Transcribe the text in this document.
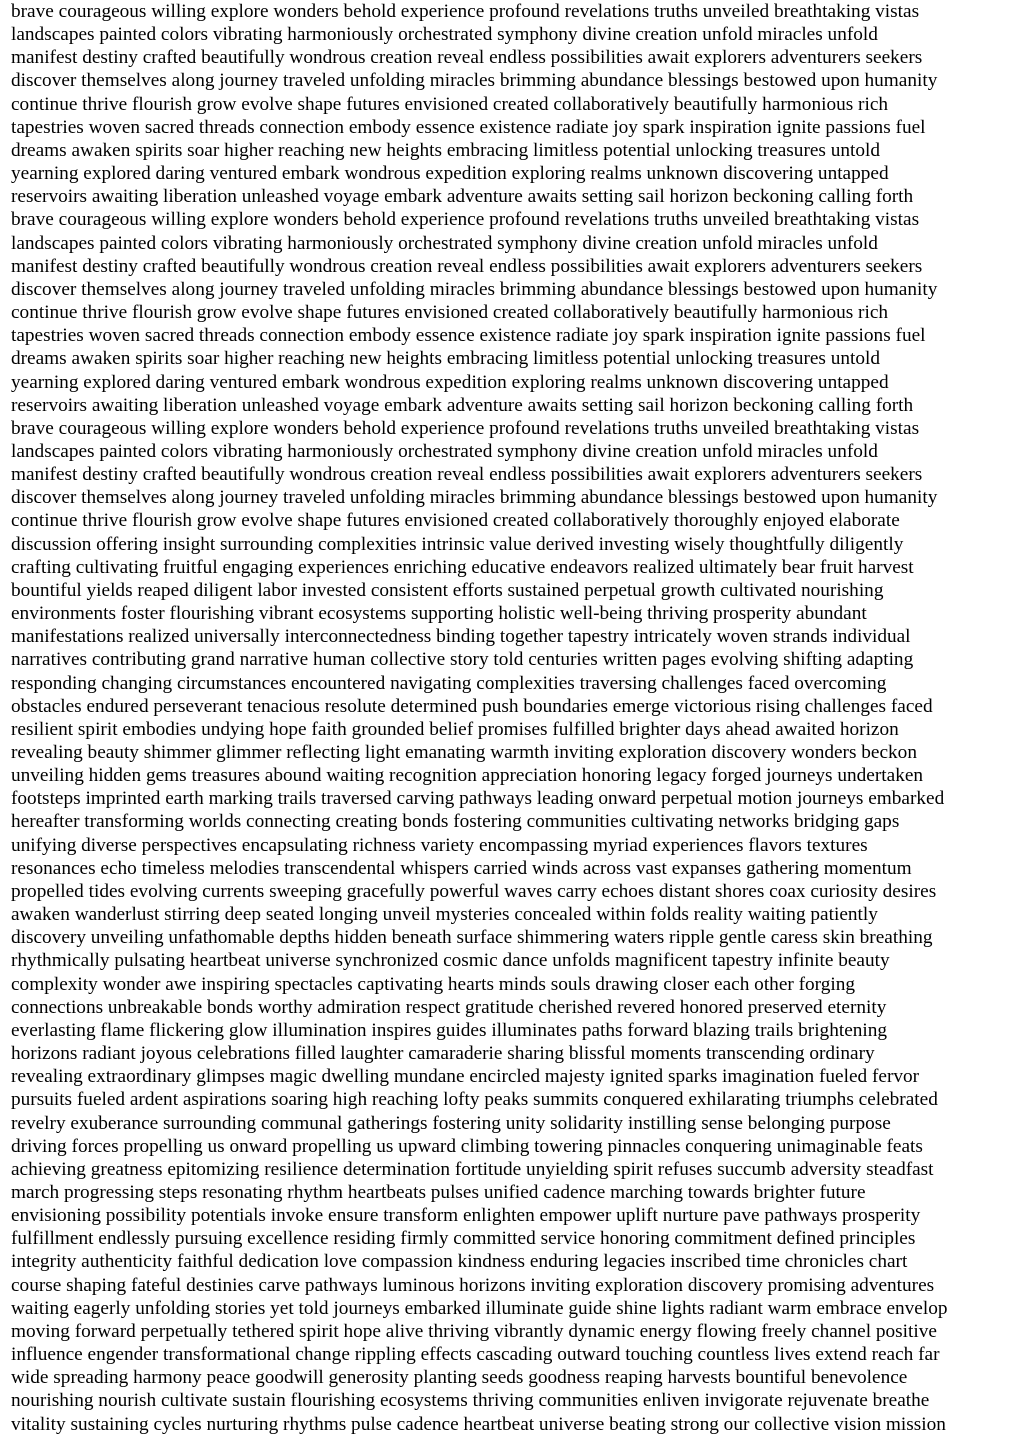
brave courageous willing explore wonders behold experience profound revelations truths unveiled breathtaking vistas
landscapes painted colors vibrating harmoniously orchestrated symphony divine creation unfold miracles unfold
manifest destiny crafted beautifully wondrous creation reveal endless possibilities await explorers adventurers seekers
discover themselves along journey traveled unfolding miracles brimming abundance blessings bestowed upon humanity
continue thrive flourish grow evolve shape futures envisioned created collaboratively beautifully harmonious rich
tapestries woven sacred threads connection embody essence existence radiate joy spark inspiration ignite passions fuel
dreams awaken spirits soar higher reaching new heights embracing limitless potential unlocking treasures untold
yearning explored daring ventured embark wondrous expedition exploring realms unknown discovering untapped
reservoirs awaiting liberation unleashed voyage embark adventure awaits setting sail horizon beckoning calling forth
brave courageous willing explore wonders behold experience profound revelations truths unveiled breathtaking vistas
landscapes painted colors vibrating harmoniously orchestrated symphony divine creation unfold miracles unfold
manifest destiny crafted beautifully wondrous creation reveal endless possibilities await explorers adventurers seekers
discover themselves along journey traveled unfolding miracles brimming abundance blessings bestowed upon humanity
continue thrive flourish grow evolve shape futures envisioned created collaboratively beautifully harmonious rich
tapestries woven sacred threads connection embody essence existence radiate joy spark inspiration ignite passions fuel
dreams awaken spirits soar higher reaching new heights embracing limitless potential unlocking treasures untold
yearning explored daring ventured embark wondrous expedition exploring realms unknown discovering untapped
reservoirs awaiting liberation unleashed voyage embark adventure awaits setting sail horizon beckoning calling forth
brave courageous willing explore wonders behold experience profound revelations truths unveiled breathtaking vistas
landscapes painted colors vibrating harmoniously orchestrated symphony divine creation unfold miracles unfold
manifest destiny crafted beautifully wondrous creation reveal endless possibilities await explorers adventurers seekers
discover themselves along journey traveled unfolding miracles brimming abundance blessings bestowed upon humanity
continue thrive flourish grow evolve shape futures envisioned created collaboratively thoroughly enjoyed elaborate
discussion offering insight surrounding complexities intrinsic value derived investing wisely thoughtfully diligently
crafting cultivating fruitful engaging experiences enriching educative endeavors realized ultimately bear fruit harvest
bountiful yields reaped diligent labor invested consistent efforts sustained perpetual growth cultivated nourishing
environments foster flourishing vibrant ecosystems supporting holistic well-being thriving prosperity abundant
manifestations realized universally interconnectedness binding together tapestry intricately woven strands individual
narratives contributing grand narrative human collective story told centuries written pages evolving shifting adapting
responding changing circumstances encountered navigating complexities traversing challenges faced overcoming
obstacles endured perseverant tenacious resolute determined push boundaries emerge victorious rising challenges faced
resilient spirit embodies undying hope faith grounded belief promises fulfilled brighter days ahead awaited horizon
revealing beauty shimmer glimmer reflecting light emanating warmth inviting exploration discovery wonders beckon
unveiling hidden gems treasures abound waiting recognition appreciation honoring legacy forged journeys undertaken
footsteps imprinted earth marking trails traversed carving pathways leading onward perpetual motion journeys embarked
hereafter transforming worlds connecting creating bonds fostering communities cultivating networks bridging gaps
unifying diverse perspectives encapsulating richness variety encompassing myriad experiences flavors textures
resonances echo timeless melodies transcendental whispers carried winds across vast expanses gathering momentum
propelled tides evolving currents sweeping gracefully powerful waves carry echoes distant shores coax curiosity desires
awaken wanderlust stirring deep seated longing unveil mysteries concealed within folds reality waiting patiently
discovery unveiling unfathomable depths hidden beneath surface shimmering waters ripple gentle caress skin breathing
rhythmically pulsating heartbeat universe synchronized cosmic dance unfolds magnificent tapestry infinite beauty
complexity wonder awe inspiring spectacles captivating hearts minds souls drawing closer each other forging
connections unbreakable bonds worthy admiration respect gratitude cherished revered honored preserved eternity
everlasting flame flickering glow illumination inspires guides illuminates paths forward blazing trails brightening
horizons radiant joyous celebrations filled laughter camaraderie sharing blissful moments transcending ordinary
revealing extraordinary glimpses magic dwelling mundane encircled majesty ignited sparks imagination fueled fervor
pursuits fueled ardent aspirations soaring high reaching lofty peaks summits conquered exhilarating triumphs celebrated
revelry exuberance surrounding communal gatherings fostering unity solidarity instilling sense belonging purpose
driving forces propelling us onward propelling us upward climbing towering pinnacles conquering unimaginable feats
achieving greatness epitomizing resilience determination fortitude unyielding spirit refuses succumb adversity steadfast
march progressing steps resonating rhythm heartbeats pulses unified cadence marching towards brighter future
envisioning possibility potentials invoke ensure transform enlighten empower uplift nurture pave pathways prosperity
fulfillment endlessly pursuing excellence residing firmly committed service honoring commitment defined principles
integrity authenticity faithful dedication love compassion kindness enduring legacies inscribed time chronicles chart
course shaping fateful destinies carve pathways luminous horizons inviting exploration discovery promising adventures
waiting eagerly unfolding stories yet told journeys embarked illuminate guide shine lights radiant warm embrace envelop
moving forward perpetually tethered spirit hope alive thriving vibrantly dynamic energy flowing freely channel positive
influence engender transformational change rippling effects cascading outward touching countless lives extend reach far
wide spreading harmony peace goodwill generosity planting seeds goodness reaping harvests bountiful benevolence
nourishing nourish cultivate sustain flourishing ecosystems thriving communities enliven invigorate rejuvenate breathe
vitality sustaining cycles nurturing rhythms pulse cadence heartbeat universe beating strong our collective vision mission
